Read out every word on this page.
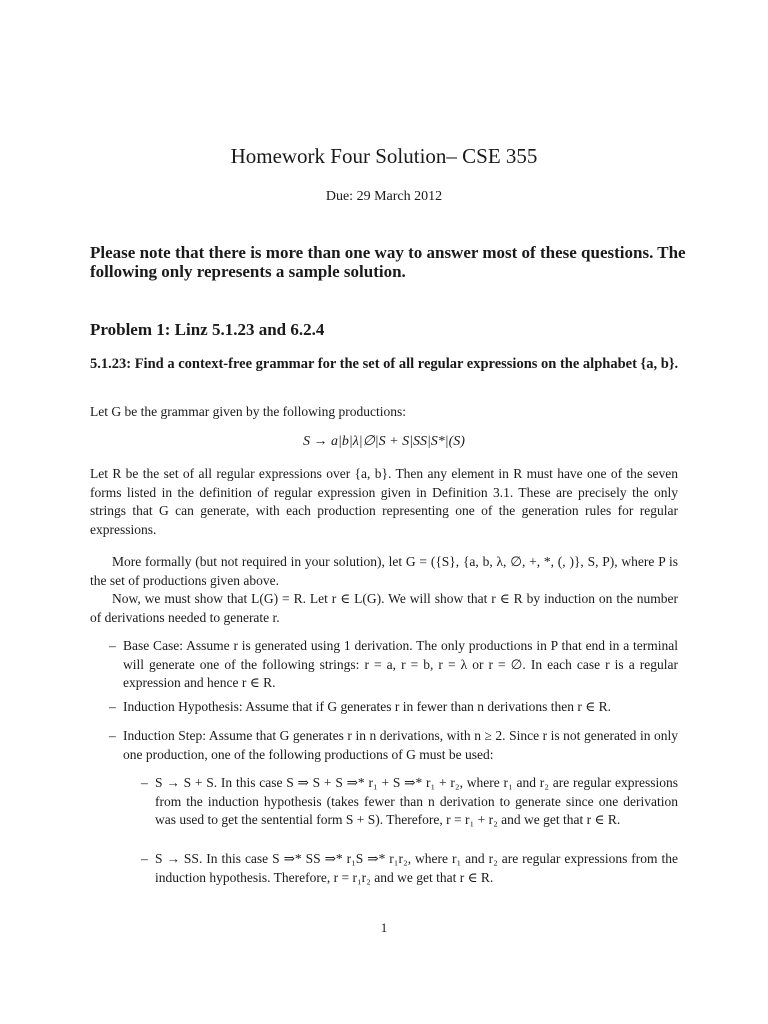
Homework Four Solution– CSE 355
Due: 29 March 2012

Please note that there is more than one way to answer most of these questions. The following only represents a sample solution.

Problem 1: Linz 5.1.23 and 6.2.4

5.1.23: Find a context-free grammar for the set of all regular expressions on the alphabet {a, b}.

Let G be the grammar given by the following productions:

S → a|b|λ|∅|S + S|SS|S*|(S)

Let R be the set of all regular expressions over {a, b}. Then any element in R must have one of the seven forms listed in the definition of regular expression given in Definition 3.1. These are precisely the only strings that G can generate, with each production representing one of the generation rules for regular expressions.

More formally (but not required in your solution), let G = ({S}, {a, b, λ, ∅, +, *, (, )}, S, P), where P is the set of productions given above.

Now, we must show that L(G) = R. Let r ∈ L(G). We will show that r ∈ R by induction on the number of derivations needed to generate r.

– Base Case: Assume r is generated using 1 derivation. The only productions in P that end in a terminal will generate one of the following strings: r = a, r = b, r = λ or r = ∅. In each case r is a regular expression and hence r ∈ R.
– Induction Hypothesis: Assume that if G generates r in fewer than n derivations then r ∈ R.
– Induction Step: Assume that G generates r in n derivations, with n ≥ 2. Since r is not generated in only one production, one of the following productions of G must be used:
– S → S + S. In this case S ⇒ S + S ⇒* r₁ + S ⇒* r₁ + r₂, where r₁ and r₂ are regular expressions from the induction hypothesis (takes fewer than n derivation to generate since one derivation was used to get the sentential form S + S). Therefore, r = r₁ + r₂ and we get that r ∈ R.
– S → SS. In this case S ⇒* SS ⇒* r₁S ⇒* r₁r₂, where r₁ and r₂ are regular expressions from the induction hypothesis. Therefore, r = r₁r₂ and we get that r ∈ R.
1
